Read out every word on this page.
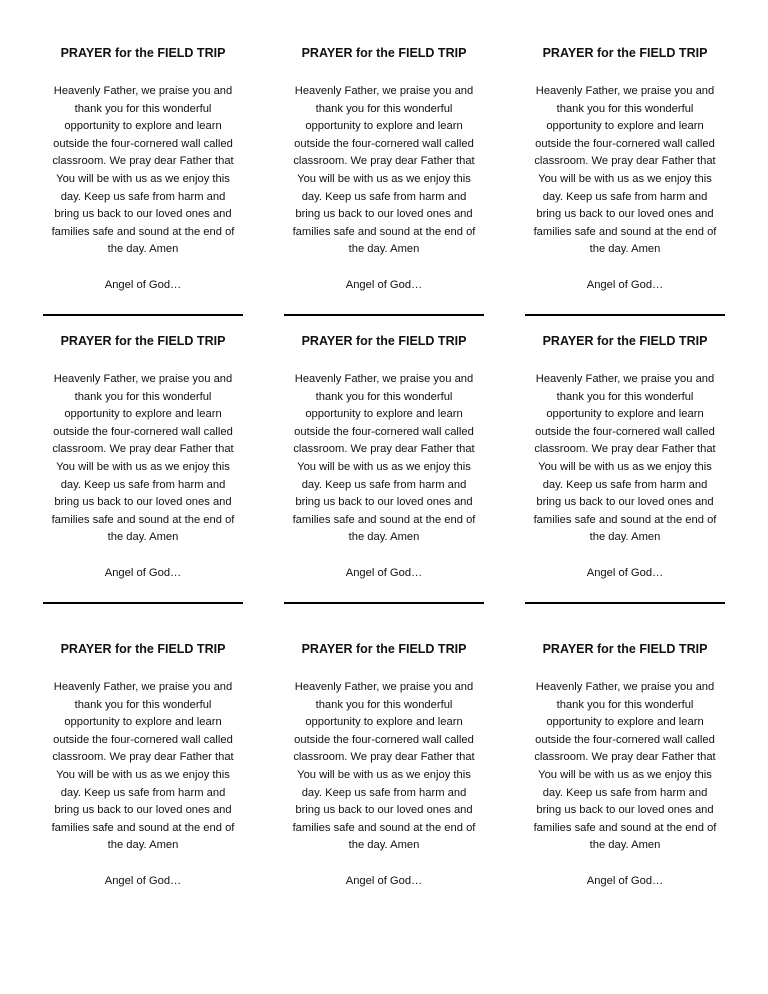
PRAYER for the FIELD TRIP
Heavenly Father, we praise you and
thank you for this wonderful
opportunity to explore and learn
outside the four-cornered wall called
classroom. We pray dear Father that
You will be with us as we enjoy this
day. Keep us safe from harm and
bring us back to our loved ones and
families safe and sound at the end of
the day. Amen
Angel of God…
PRAYER for the FIELD TRIP
Heavenly Father, we praise you and
thank you for this wonderful
opportunity to explore and learn
outside the four-cornered wall called
classroom. We pray dear Father that
You will be with us as we enjoy this
day. Keep us safe from harm and
bring us back to our loved ones and
families safe and sound at the end of
the day. Amen
Angel of God…
PRAYER for the FIELD TRIP
Heavenly Father, we praise you and
thank you for this wonderful
opportunity to explore and learn
outside the four-cornered wall called
classroom. We pray dear Father that
You will be with us as we enjoy this
day. Keep us safe from harm and
bring us back to our loved ones and
families safe and sound at the end of
the day. Amen
Angel of God…
PRAYER for the FIELD TRIP
Heavenly Father, we praise you and
thank you for this wonderful
opportunity to explore and learn
outside the four-cornered wall called
classroom. We pray dear Father that
You will be with us as we enjoy this
day. Keep us safe from harm and
bring us back to our loved ones and
families safe and sound at the end of
the day. Amen
Angel of God…
PRAYER for the FIELD TRIP
Heavenly Father, we praise you and
thank you for this wonderful
opportunity to explore and learn
outside the four-cornered wall called
classroom. We pray dear Father that
You will be with us as we enjoy this
day. Keep us safe from harm and
bring us back to our loved ones and
families safe and sound at the end of
the day. Amen
Angel of God…
PRAYER for the FIELD TRIP
Heavenly Father, we praise you and
thank you for this wonderful
opportunity to explore and learn
outside the four-cornered wall called
classroom. We pray dear Father that
You will be with us as we enjoy this
day. Keep us safe from harm and
bring us back to our loved ones and
families safe and sound at the end of
the day. Amen
Angel of God…
PRAYER for the FIELD TRIP
Heavenly Father, we praise you and
thank you for this wonderful
opportunity to explore and learn
outside the four-cornered wall called
classroom. We pray dear Father that
You will be with us as we enjoy this
day. Keep us safe from harm and
bring us back to our loved ones and
families safe and sound at the end of
the day. Amen
Angel of God…
PRAYER for the FIELD TRIP
Heavenly Father, we praise you and
thank you for this wonderful
opportunity to explore and learn
outside the four-cornered wall called
classroom. We pray dear Father that
You will be with us as we enjoy this
day. Keep us safe from harm and
bring us back to our loved ones and
families safe and sound at the end of
the day. Amen
Angel of God…
PRAYER for the FIELD TRIP
Heavenly Father, we praise you and
thank you for this wonderful
opportunity to explore and learn
outside the four-cornered wall called
classroom. We pray dear Father that
You will be with us as we enjoy this
day. Keep us safe from harm and
bring us back to our loved ones and
families safe and sound at the end of
the day. Amen
Angel of God…
